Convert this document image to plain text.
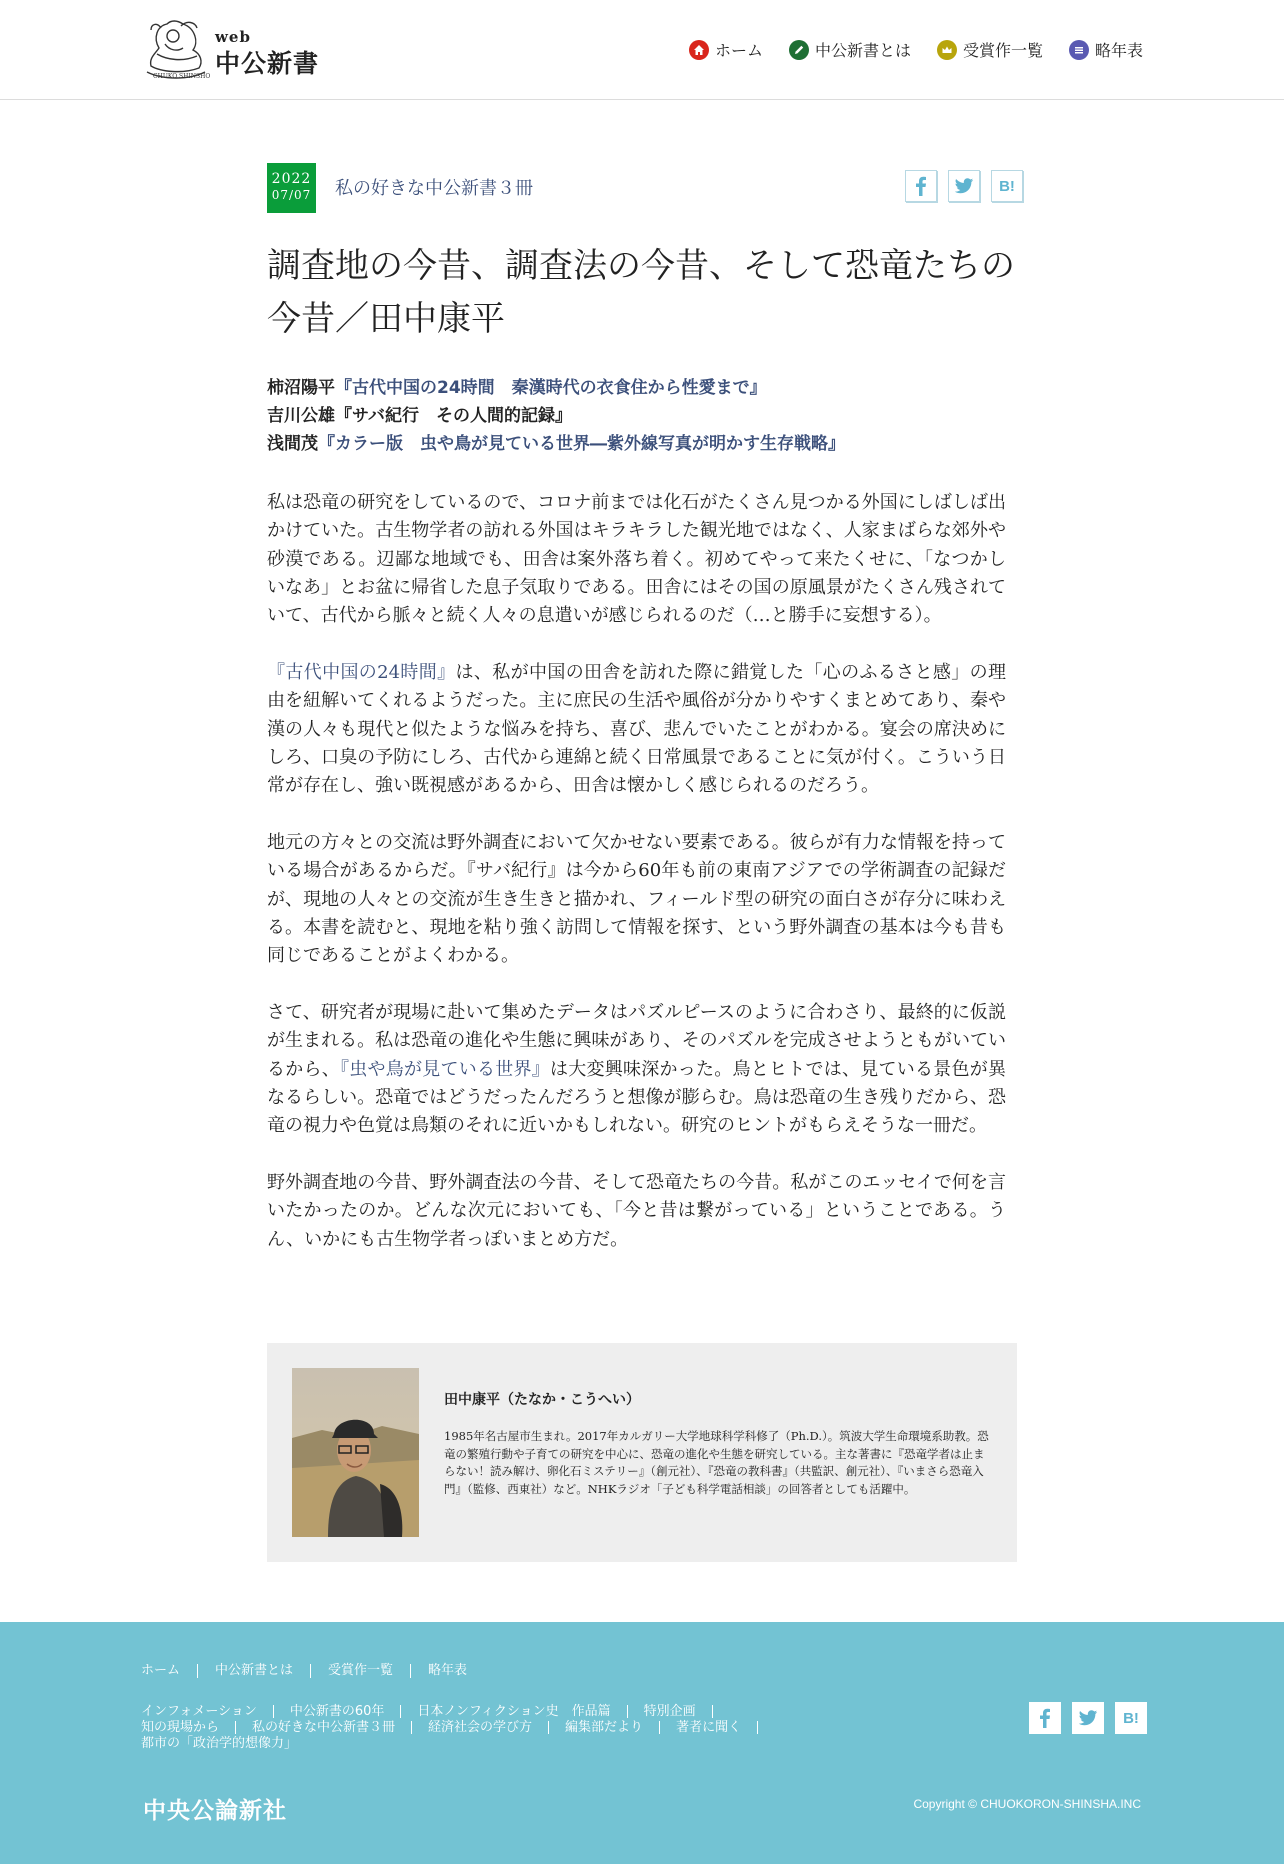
CHUKO SHINSHO
web
中公新書	ホーム	中公新書とは	受賞作一覧	略年表
2022
07/07 私の好きな中公新書３冊	B!
調査地の今昔、調査法の今昔、そして恐竜たちの今昔／田中康平
柿沼陽平『古代中国の24時間　秦漢時代の衣食住から性愛まで』
吉川公雄『サバ紀行　その人間的記録』
浅間茂『カラー版　虫や鳥が見ている世界―紫外線写真が明かす生存戦略』

私は恐竜の研究をしているので、コロナ前までは化石がたくさん見つかる外国にしばしば出かけていた。古生物学者の訪れる外国はキラキラした観光地ではなく、人家まばらな郊外や砂漠である。辺鄙な地域でも、田舎は案外落ち着く。初めてやって来たくせに、「なつかしいなあ」とお盆に帰省した息子気取りである。田舎にはその国の原風景がたくさん残されていて、古代から脈々と続く人々の息遣いが感じられるのだ（…と勝手に妄想する）。

『古代中国の24時間』は、私が中国の田舎を訪れた際に錯覚した「心のふるさと感」の理由を紐解いてくれるようだった。主に庶民の生活や風俗が分かりやすくまとめてあり、秦や漢の人々も現代と似たような悩みを持ち、喜び、悲んでいたことがわかる。宴会の席決めにしろ、口臭の予防にしろ、古代から連綿と続く日常風景であることに気が付く。こういう日常が存在し、強い既視感があるから、田舎は懐かしく感じられるのだろう。

地元の方々との交流は野外調査において欠かせない要素である。彼らが有力な情報を持っている場合があるからだ。『サバ紀行』は今から60年も前の東南アジアでの学術調査の記録だが、現地の人々との交流が生き生きと描かれ、フィールド型の研究の面白さが存分に味わえる。本書を読むと、現地を粘り強く訪問して情報を探す、という野外調査の基本は今も昔も同じであることがよくわかる。

さて、研究者が現場に赴いて集めたデータはパズルピースのように合わさり、最終的に仮説が生まれる。私は恐竜の進化や生態に興味があり、そのパズルを完成させようともがいているから、『虫や鳥が見ている世界』は大変興味深かった。鳥とヒトでは、見ている景色が異なるらしい。恐竜ではどうだったんだろうと想像が膨らむ。鳥は恐竜の生き残りだから、恐竜の視力や色覚は鳥類のそれに近いかもしれない。研究のヒントがもらえそうな一冊だ。

野外調査地の今昔、野外調査法の今昔、そして恐竜たちの今昔。私がこのエッセイで何を言いたかったのか。どんな次元においても、「今と昔は繋がっている」ということである。うん、いかにも古生物学者っぽいまとめ方だ。

田中康平（たなか・こうへい）
1985年名古屋市生まれ。2017年カルガリー大学地球科学科修了（Ph.D.）。筑波大学生命環境系助教。恐竜の繁殖行動や子育ての研究を中心に、恐竜の進化や生態を研究している。主な著書に『恐竜学者は止まらない！読み解け、卵化石ミステリー』（創元社）、『恐竜の教科書』（共監訳、創元社）、『いまさら恐竜入門』（監修、西東社）など。NHKラジオ「子ども科学電話相談」の回答者としても活躍中。
ホーム	中公新書とは	受賞作一覧	略年表
インフォメーション	中公新書の60年	日本ノンフィクション史　作品篇	特別企画
知の現場から	私の好きな中公新書３冊	経済社会の学び方	編集部だより	著者に聞く
都市の「政治学的想像力」
B!
中央公論新社	Copyright © CHUOKORON-SHINSHA.INC
